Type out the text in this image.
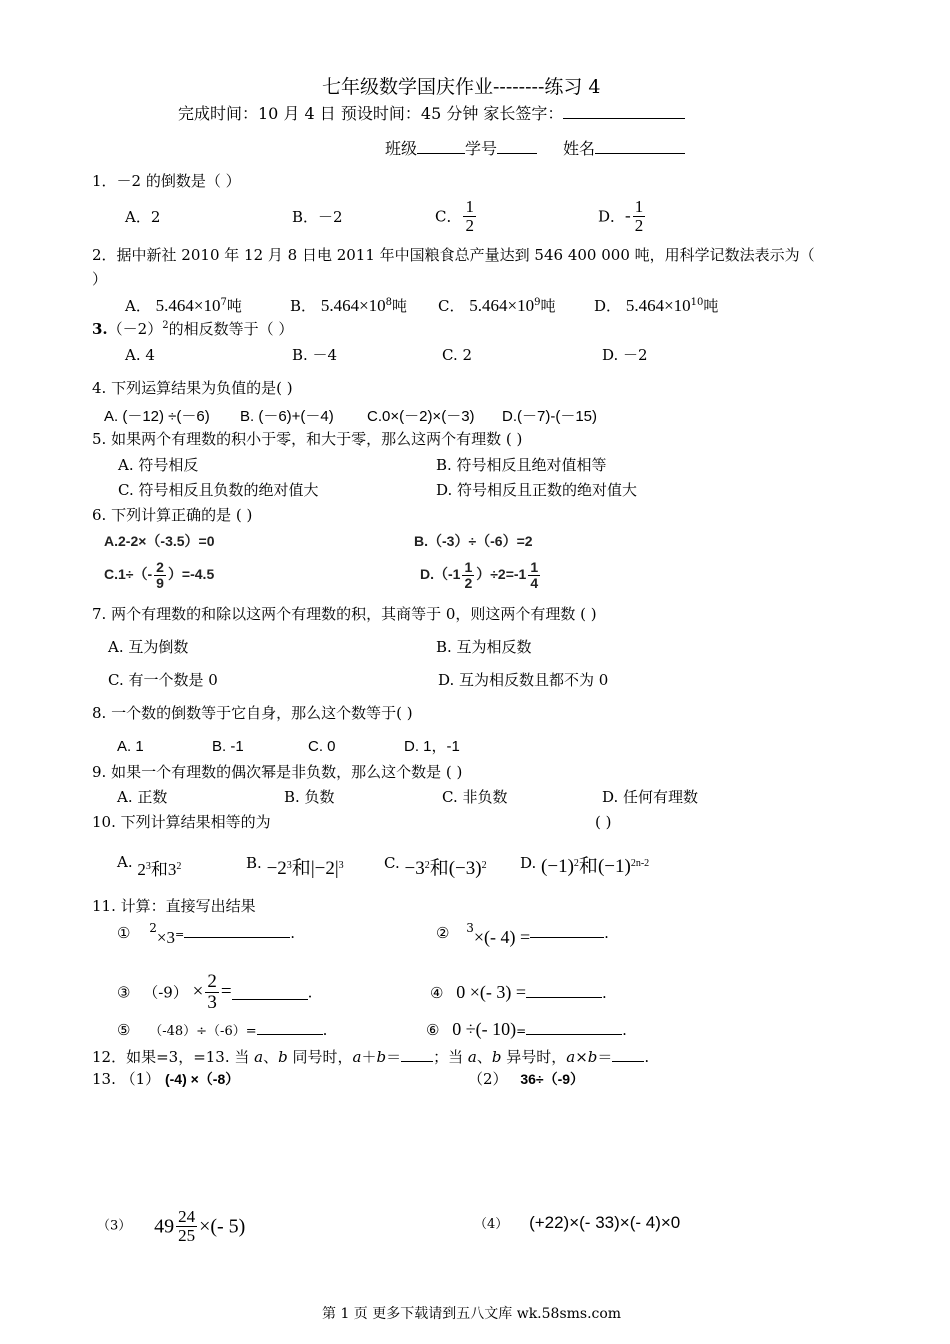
七年级数学国庆作业--------练习 4
完成时间：10 月 4 日 预设时间：45 分钟 家长签字：
班级	学号	姓名
1．－2 的倒数是（ ）
A．2	B．－2	C． $\frac{1}{2}$	D．- $\frac{1}{2}$
2．据中新社 2010 年 12 月 8 日电 2011 年中国粮食总产量达到 546 400 000 吨，用科学记数法表示为（
）
A． $5.464\times 10^7$吨	B． $5.464\times 10^8$吨 C． $5.464\times 10^9$吨	D． $5.464\times 10^{10}$吨
$3.(-2)^2$的相反数等于（ ）
A. 4	B. －4	C. 2	D. －2
4. 下列运算结果为负值的是( )
A. (－12) ÷(－6) B. (－6)+(－4) C.0×(－2)×(－3) D.(－7)-(－15)
5. 如果两个有理数的积小于零，和大于零，那么这两个有理数 ( )
A. 符号相反	B. 符号相反且绝对值相等
C. 符号相反且负数的绝对值大	D. 符号相反且正数的绝对值大
6. 下列计算正确的是 ( )
A.2-2×（-3.5）=0	B.（-3）÷（-6）=2
$C.1\div(- \frac{2}{9} )=-4.5$	$D.(-1 \frac{1}{2} )\div 2=-1 \frac{1}{4}$
7. 两个有理数的和除以这两个有理数的积，其商等于 0，则这两个有理数 ( )
A. 互为倒数	B. 互为相反数
C. 有一个数是 0	D. 互为相反数且都不为 0
8. 一个数的倒数等于它自身，那么这个数等于( )
A. 1	B. -1	C. 0	D. 1，-1
9. 如果一个有理数的偶次幂是非负数，那么这个数是 ( )
A. 正数	B. 负数	C. 非负数	D. 任何有理数
10. 下列计算结果相等的为	( )
A. $2^3$和$3^2$	B. $-2^3$和$|-2|^3$	C. $-3^2$和$(-3)^2$ D. $(-1)^2$和$(-1)^{2n-2}$
11. 计算：直接写出结果
① $^2$×3=	.	② $^3$×(- 4) =	.
③ $(-9) \times \frac{2}{3}$ =	.	④ 0 ×(- 3) =	.
⑤ （-48）÷（-6）=	.	⑥ 0 ÷(- 10)=	.
12．如果=3，=13. 当 a、b 同号时，a＋b＝ ；当 a、b 异号时，a×b＝ .
13. （1） (-4) ×（-8）	（2） 36÷（-9）
（3） $49 \frac{24}{25}$ ×(- 5)	（4） (+22)×(- 33)×(- 4)×0
第 1 页 更多下载请到五八文库 wk.58sms.com
